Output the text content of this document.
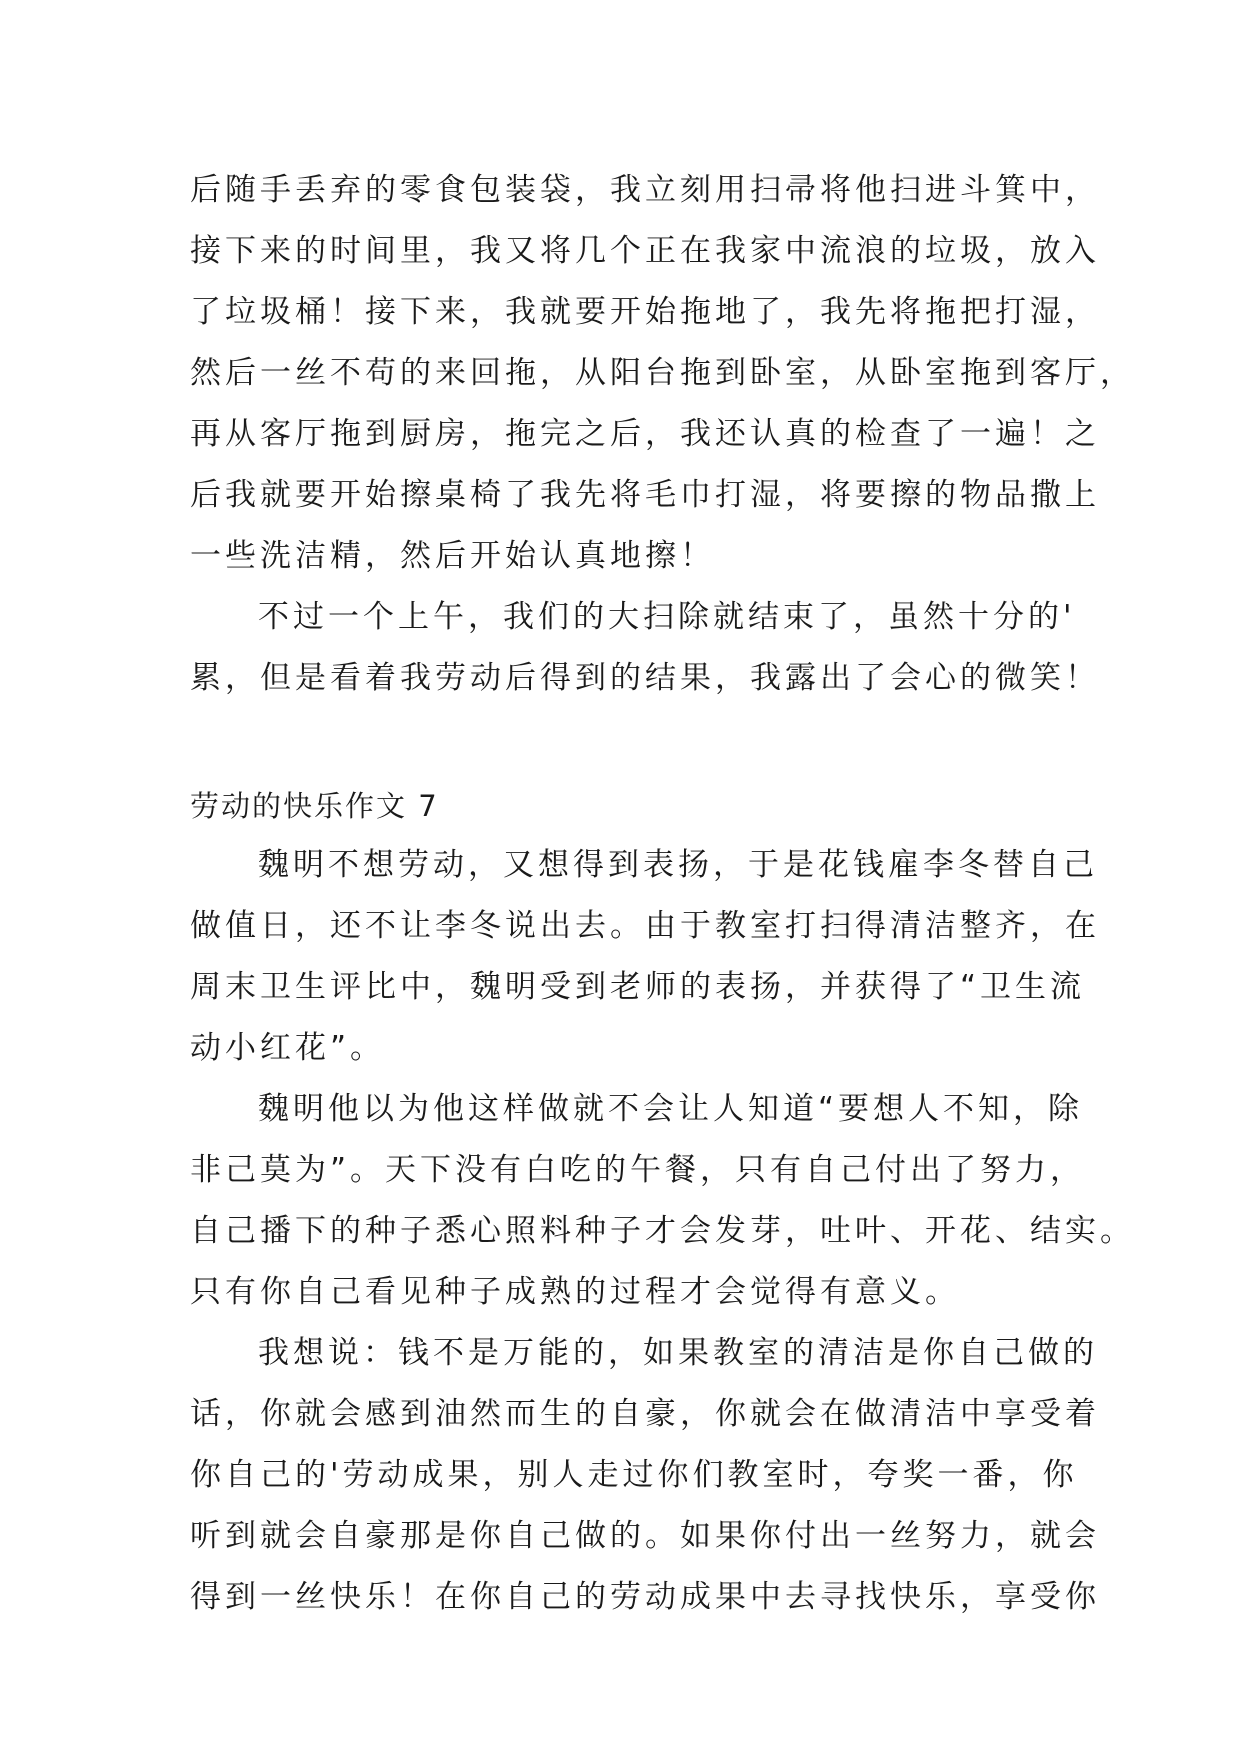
后随手丢弃的零食包装袋，我立刻用扫帚将他扫进斗箕中，
接下来的时间里，我又将几个正在我家中流浪的垃圾，放入
了垃圾桶！接下来，我就要开始拖地了，我先将拖把打湿，
然后一丝不苟的来回拖，从阳台拖到卧室，从卧室拖到客厅，
再从客厅拖到厨房，拖完之后，我还认真的检查了一遍！之
后我就要开始擦桌椅了我先将毛巾打湿，将要擦的物品撒上
一些洗洁精，然后开始认真地擦！
不过一个上午，我们的大扫除就结束了，虽然十分的'
累，但是看着我劳动后得到的结果，我露出了会心的微笑！
劳动的快乐作文 7
魏明不想劳动，又想得到表扬，于是花钱雇李冬替自己
做值日，还不让李冬说出去。由于教室打扫得清洁整齐，在
周末卫生评比中，魏明受到老师的表扬，并获得了“卫生流
动小红花”。
魏明他以为他这样做就不会让人知道“要想人不知，除
非己莫为”。天下没有白吃的午餐，只有自己付出了努力，
自己播下的种子悉心照料种子才会发芽，吐叶、开花、结实。
只有你自己看见种子成熟的过程才会觉得有意义。
我想说：钱不是万能的，如果教室的清洁是你自己做的
话，你就会感到油然而生的自豪，你就会在做清洁中享受着
你自己的'劳动成果，别人走过你们教室时，夸奖一番，你
听到就会自豪那是你自己做的。如果你付出一丝努力，就会
得到一丝快乐！在你自己的劳动成果中去寻找快乐，享受你
